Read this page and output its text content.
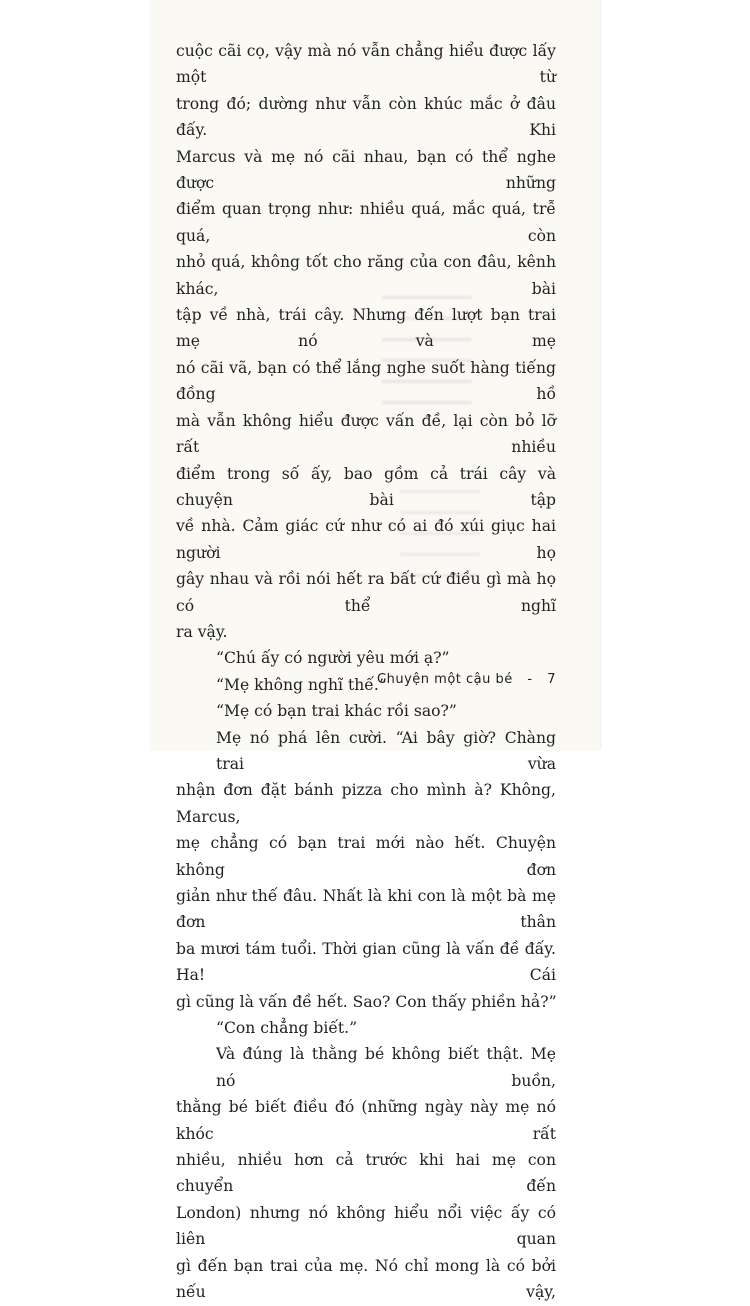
cuộc cãi cọ, vậy mà nó vẫn chẳng hiểu được lấy một từ
trong đó; dường như vẫn còn khúc mắc ở đâu đấy. Khi
Marcus và mẹ nó cãi nhau, bạn có thể nghe được những
điểm quan trọng như: nhiều quá, mắc quá, trễ quá, còn
nhỏ quá, không tốt cho răng của con đâu, kênh khác, bài
tập về nhà, trái cây. Nhưng đến lượt bạn trai mẹ nó và mẹ
nó cãi vã, bạn có thể lắng nghe suốt hàng tiếng đồng hồ
mà vẫn không hiểu được vấn đề, lại còn bỏ lỡ rất nhiều
điểm trong số ấy, bao gồm cả trái cây và chuyện bài tập
về nhà. Cảm giác cứ như có ai đó xúi giục hai người họ
gây nhau và rồi nói hết ra bất cứ điều gì mà họ có thể nghĩ
ra vậy.
“Chú ấy có người yêu mới ạ?”
“Mẹ không nghĩ thế.”
“Mẹ có bạn trai khác rồi sao?”
Mẹ nó phá lên cười. “Ai bây giờ? Chàng trai vừa
nhận đơn đặt bánh pizza cho mình à? Không, Marcus,
mẹ chẳng có bạn trai mới nào hết. Chuyện không đơn
giản như thế đâu. Nhất là khi con là một bà mẹ đơn thân
ba mươi tám tuổi. Thời gian cũng là vấn đề đấy. Ha! Cái
gì cũng là vấn đề hết. Sao? Con thấy phiền hả?”
“Con chẳng biết.”
Và đúng là thằng bé không biết thật. Mẹ nó buồn,
thằng bé biết điều đó (những ngày này mẹ nó khóc rất
nhiều, nhiều hơn cả trước khi hai mẹ con chuyển đến
London) nhưng nó không hiểu nổi việc ấy có liên quan
gì đến bạn trai của mẹ. Nó chỉ mong là có bởi nếu vậy,
Chuyện một cậu bé - 7
